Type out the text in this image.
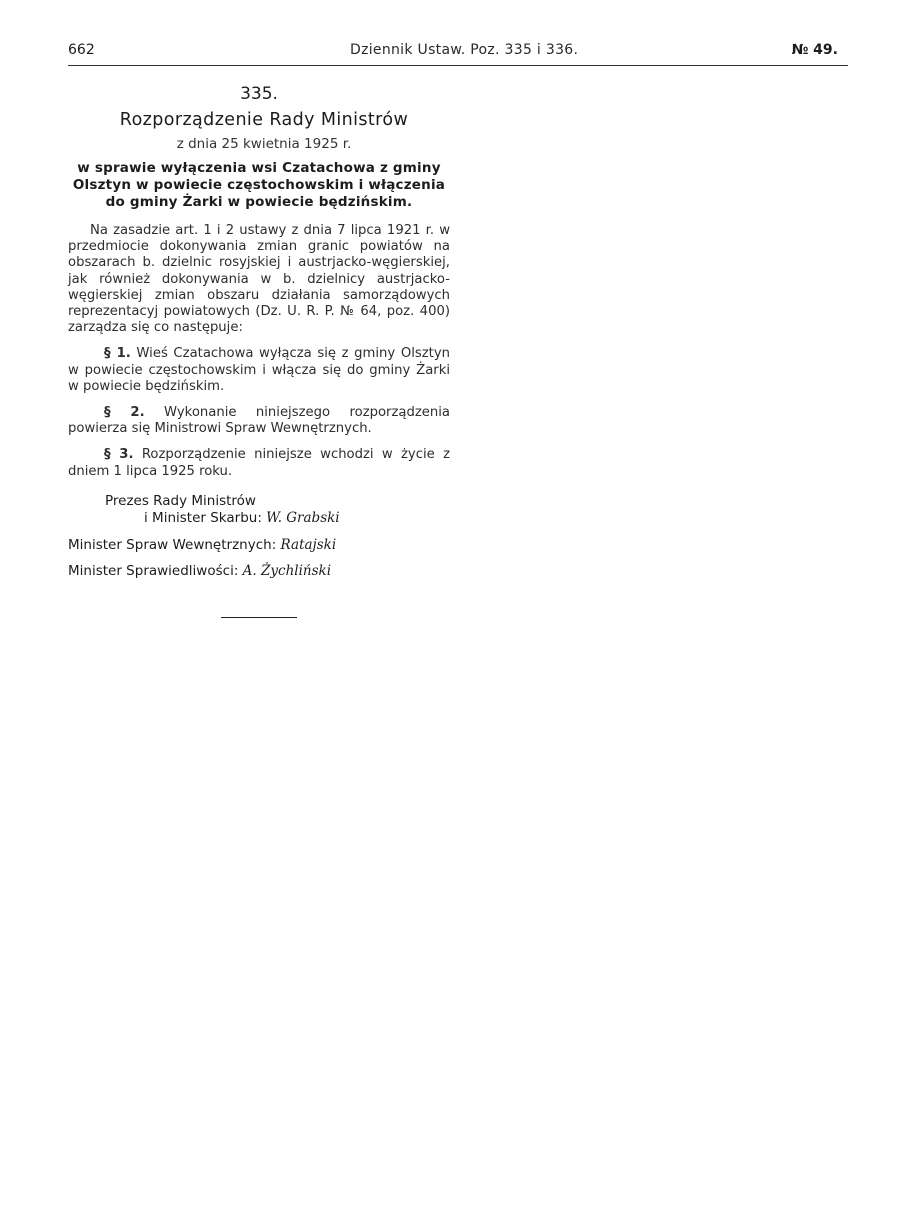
662	Dziennik Ustaw. Poz. 335 i 336.	№ 49.
335.
Rozporządzenie Rady Ministrów
z dnia 25 kwietnia 1925 r.
w sprawie wyłączenia wsi Czatachowa z gminy Olsztyn w powiecie częstochowskim i włączenia do gminy Żarki w powiecie będzińskim.
Na zasadzie art. 1 i 2 ustawy z dnia 7 lipca 1921 r. w przedmiocie dokonywania zmian granic powiatów na obszarach b. dzielnic rosyjskiej i austrjacko-węgierskiej, jak również dokonywania w b. dzielnicy austrjacko-węgierskiej zmian obszaru działania samorządowych reprezentacyj powiatowych (Dz. U. R. P. № 64, poz. 400) zarządza się co następuje:
§ 1. Wieś Czatachowa wyłącza się z gminy Olsztyn w powiecie częstochowskim i włącza się do gminy Żarki w powiecie będzińskim.
§ 2. Wykonanie niniejszego rozporządzenia powierza się Ministrowi Spraw Wewnętrznych.
§ 3. Rozporządzenie niniejsze wchodzi w życie z dniem 1 lipca 1925 roku.
Prezes Rady Ministrów
i Minister Skarbu: W. Grabski
Minister Spraw Wewnętrznych: Ratajski
Minister Sprawiedliwości: A. Żychliński
